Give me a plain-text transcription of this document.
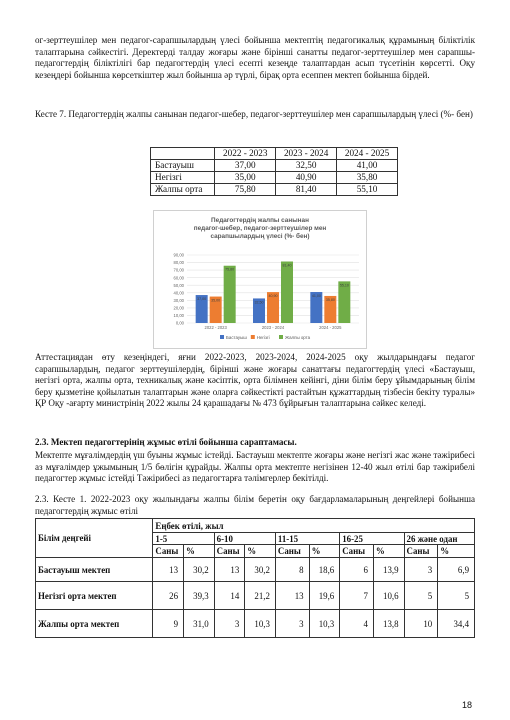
ог-зерттеушілер мен педагог-сарапшылардың үлесі бойынша мектептің педагогикалық құрамының біліктілік талаптарына сәйкестігі. Деректерді талдау жоғары және бірінші санатты педагог-зерттеушілер мен сарапшы- педагогтердің біліктілігі бар педагогтердің үлесі есепті кезеңде талаптардан асып түсетінін көрсетті. Оқу кезеңдері бойынша көрсеткіштер жыл бойынша әр түрлі, бірақ орта есеппен мектеп бойынша бірдей.

Кесте 7. Педагогтердің жалпы санынан педагог-шебер, педагог-зерттеушілер мен сарапшылардың үлесі (%- бен)

	2022 - 2023	2023 - 2024	2024 - 2025
Бастауыш	37,00	32,50	41,00
Негізгі	35,00	40,90	35,80
Жалпы орта	75,80	81,40	55,10
Педагогтердің жалпы санынан педагог-шебер, педагог-зерттеушілер мен сарапшылардың үлесі (%- бен)
0,00
10,00
20,00
30,00
40,00
50,00
60,00
70,00
80,00
90,00
37,00 35,00
75,80
2022 - 2023
32,50
40,90
81,40
2023 - 2024
41,00
35,80
55,10
2024 - 2025
Бастауыш Негізгі	Жалпы орта

Аттестациядан өту кезеңіндегі, яғни 2022-2023, 2023-2024, 2024-2025 оқу жылдарындағы педагог сарапшылардың, педагог зерттеушілердің, бірінші және жоғары санаттағы педагогтердің үлесі «Бастауыш, негізгі орта, жалпы орта, техникалық және кәсіптік, орта білімнен кейінгі, діни білім беру ұйымдарының білім беру қызметіне қойылатын талаптарын және оларға сәйкестікті растайтын құжаттардың тізбесін бекіту туралы» ҚР Оқу -ағарту министрінің 2022 жылы 24 қарашадағы № 473 бұйрығын талаптарына сәйкес келеді.

2.3. Мектеп педагогтерінің жұмыс өтілі бойынша сараптамасы.

Мектепте мұғалімдердің үш буыны жұмыс істейді. Бастауыш мектепте жоғары және негізгі жас және тәжірибесі аз мұғалімдер ұжымының 1/5 бөлігін құрайды. Жалпы орта мектепте негізінен 12-40 жыл өтілі бар тәжірибелі педагогтер жұмыс істейді Тәжірибесі аз педагогтарға тәлімгерлер бекітілді.

2.3. Кесте 1. 2022-2023 оқу жылындағы жалпы білім беретін оқу бағдарламаларының деңгейлері бойынша педагогтердің жұмыс өтілі

Білім деңгейі	Еңбек өтілі, жыл									
	1-5		6-10		11-15		16-25		26 және одан	
	Саны	%	Саны	%	Саны	%	Саны	%	Саны	%
Бастауыш мектеп	13	30,2	13	30,2	8	18,6	6	13,9	3	6,9
Негізгі орта мектеп	26	39,3	14	21,2	13	19,6	7	10,6	5	5
Жалпы орта мектеп	9	31,0	3	10,3	3	10,3	4	13,8	10	34,4
18
